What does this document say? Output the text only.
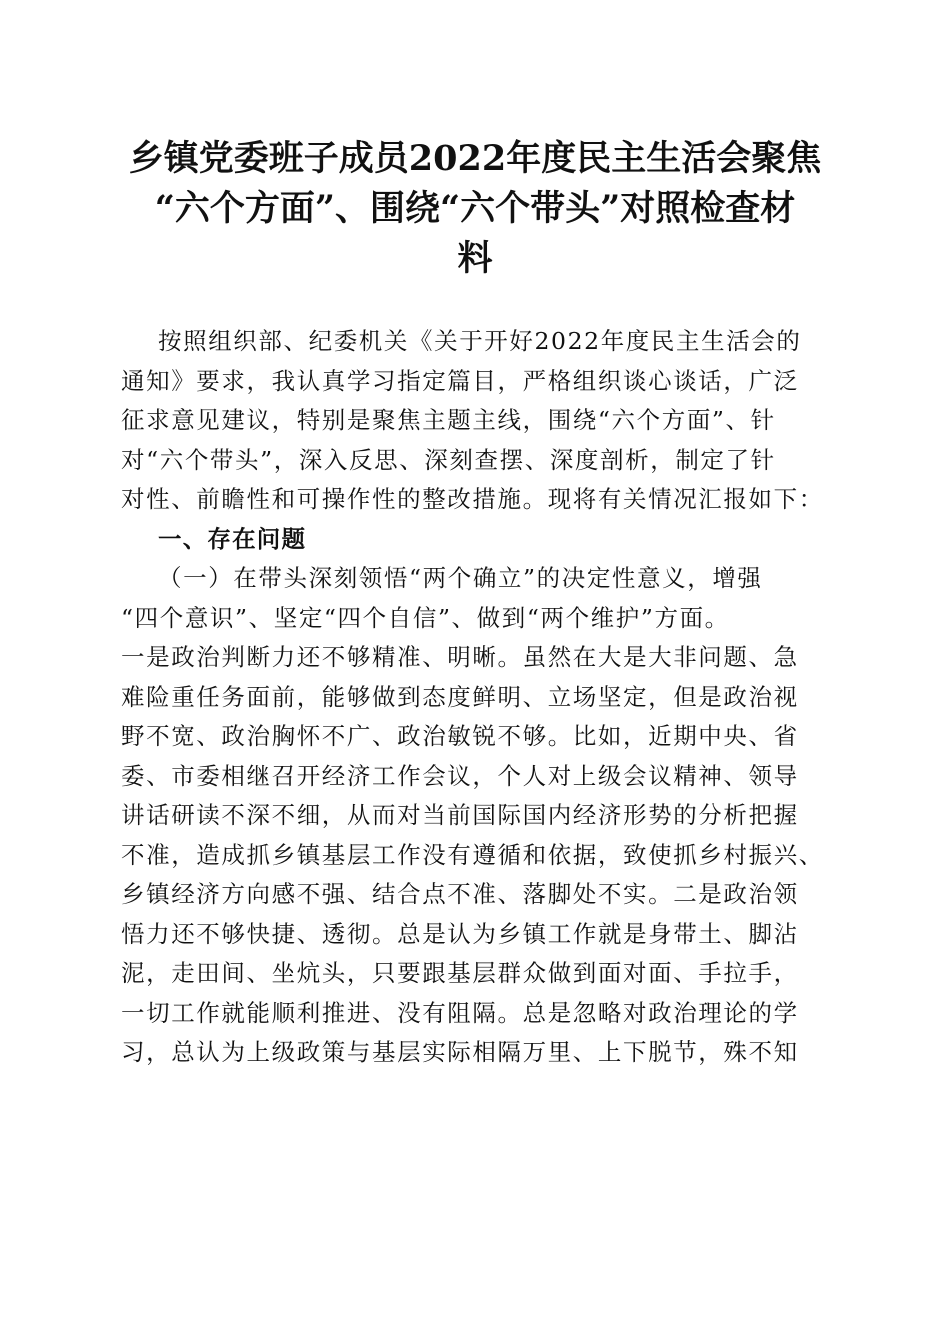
乡镇党委班子成员2022年度民主生活会聚焦
“六个方面”、围绕“六个带头”对照检查材
料
按照组织部、纪委机关《关于开好2022年度民主生活会的
通知》要求，我认真学习指定篇目，严格组织谈心谈话，广泛
征求意见建议，特别是聚焦主题主线，围绕“六个方面”、针
对“六个带头”，深入反思、深刻查摆、深度剖析，制定了针
对性、前瞻性和可操作性的整改措施。现将有关情况汇报如下：
一、存在问题
（一）在带头深刻领悟“两个确立”的决定性意义，增强
“四个意识”、坚定“四个自信”、做到“两个维护”方面。
一是政治判断力还不够精准、明晰。虽然在大是大非问题、急
难险重任务面前，能够做到态度鲜明、立场坚定，但是政治视
野不宽、政治胸怀不广、政治敏锐不够。比如，近期中央、省
委、市委相继召开经济工作会议，个人对上级会议精神、领导
讲话研读不深不细，从而对当前国际国内经济形势的分析把握
不准，造成抓乡镇基层工作没有遵循和依据，致使抓乡村振兴、
乡镇经济方向感不强、结合点不准、落脚处不实。二是政治领
悟力还不够快捷、透彻。总是认为乡镇工作就是身带土、脚沾
泥，走田间、坐炕头，只要跟基层群众做到面对面、手拉手，
一切工作就能顺利推进、没有阻隔。总是忽略对政治理论的学
习，总认为上级政策与基层实际相隔万里、上下脱节，殊不知
